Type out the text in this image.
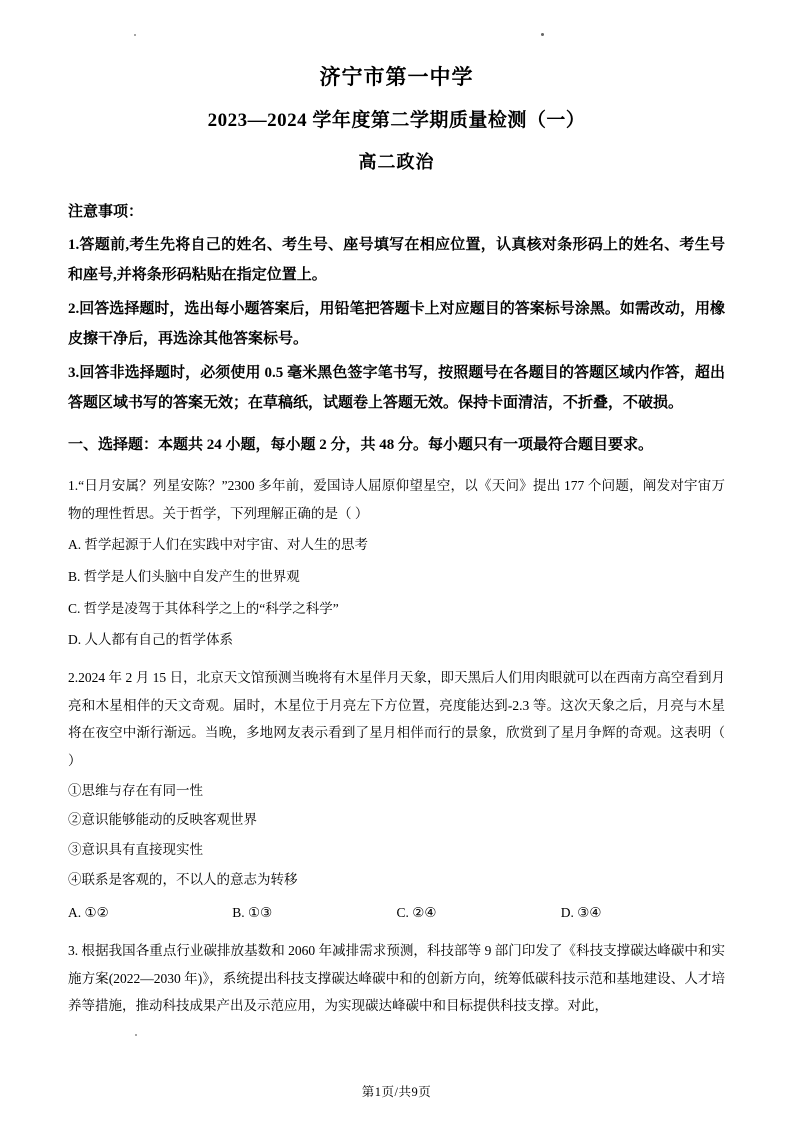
济宁市第一中学
2023—2024 学年度第二学期质量检测（一）
高二政治
注意事项：
1.答题前,考生先将自己的姓名、考生号、座号填写在相应位置，认真核对条形码上的姓名、考生号和座号,并将条形码粘贴在指定位置上。
2.回答选择题时，选出每小题答案后，用铅笔把答题卡上对应题目的答案标号涂黑。如需改动，用橡皮擦干净后，再选涂其他答案标号。
3.回答非选择题时，必须使用 0.5 毫米黑色签字笔书写，按照题号在各题目的答题区域内作答，超出答题区域书写的答案无效；在草稿纸，试题卷上答题无效。保持卡面清洁，不折叠，不破损。
一、选择题：本题共 24 小题，每小题 2 分，共 48 分。每小题只有一项最符合题目要求。
1.“日月安属？列星安陈？”2300 多年前，爱国诗人屈原仰望星空，以《天问》提出 177 个问题，阐发对宇宙万物的理性哲思。关于哲学，下列理解正确的是（ ）
A. 哲学起源于人们在实践中对宇宙、对人生的思考
B. 哲学是人们头脑中自发产生的世界观
C. 哲学是凌驾于其体科学之上的“科学之科学”
D. 人人都有自己的哲学体系
2.2024 年 2 月 15 日，北京天文馆预测当晚将有木星伴月天象，即天黑后人们用肉眼就可以在西南方高空看到月亮和木星相伴的天文奇观。届时，木星位于月亮左下方位置，亮度能达到-2.3 等。这次天象之后，月亮与木星将在夜空中渐行渐远。当晚，多地网友表示看到了星月相伴而行的景象，欣赏到了星月争辉的奇观。这表明（ ）
①思维与存在有同一性
②意识能够能动的反映客观世界
③意识具有直接现实性
④联系是客观的，不以人的意志为转移
A. ①②	B. ①③	C. ②④	D. ③④
3. 根据我国各重点行业碳排放基数和 2060 年减排需求预测，科技部等 9 部门印发了《科技支撑碳达峰碳中和实施方案(2022—2030 年)》，系统提出科技支撑碳达峰碳中和的创新方向，统筹低碳科技示范和基地建设、人才培养等措施，推动科技成果产出及示范应用，为实现碳达峰碳中和目标提供科技支撑。对此，
第1页/共9页
